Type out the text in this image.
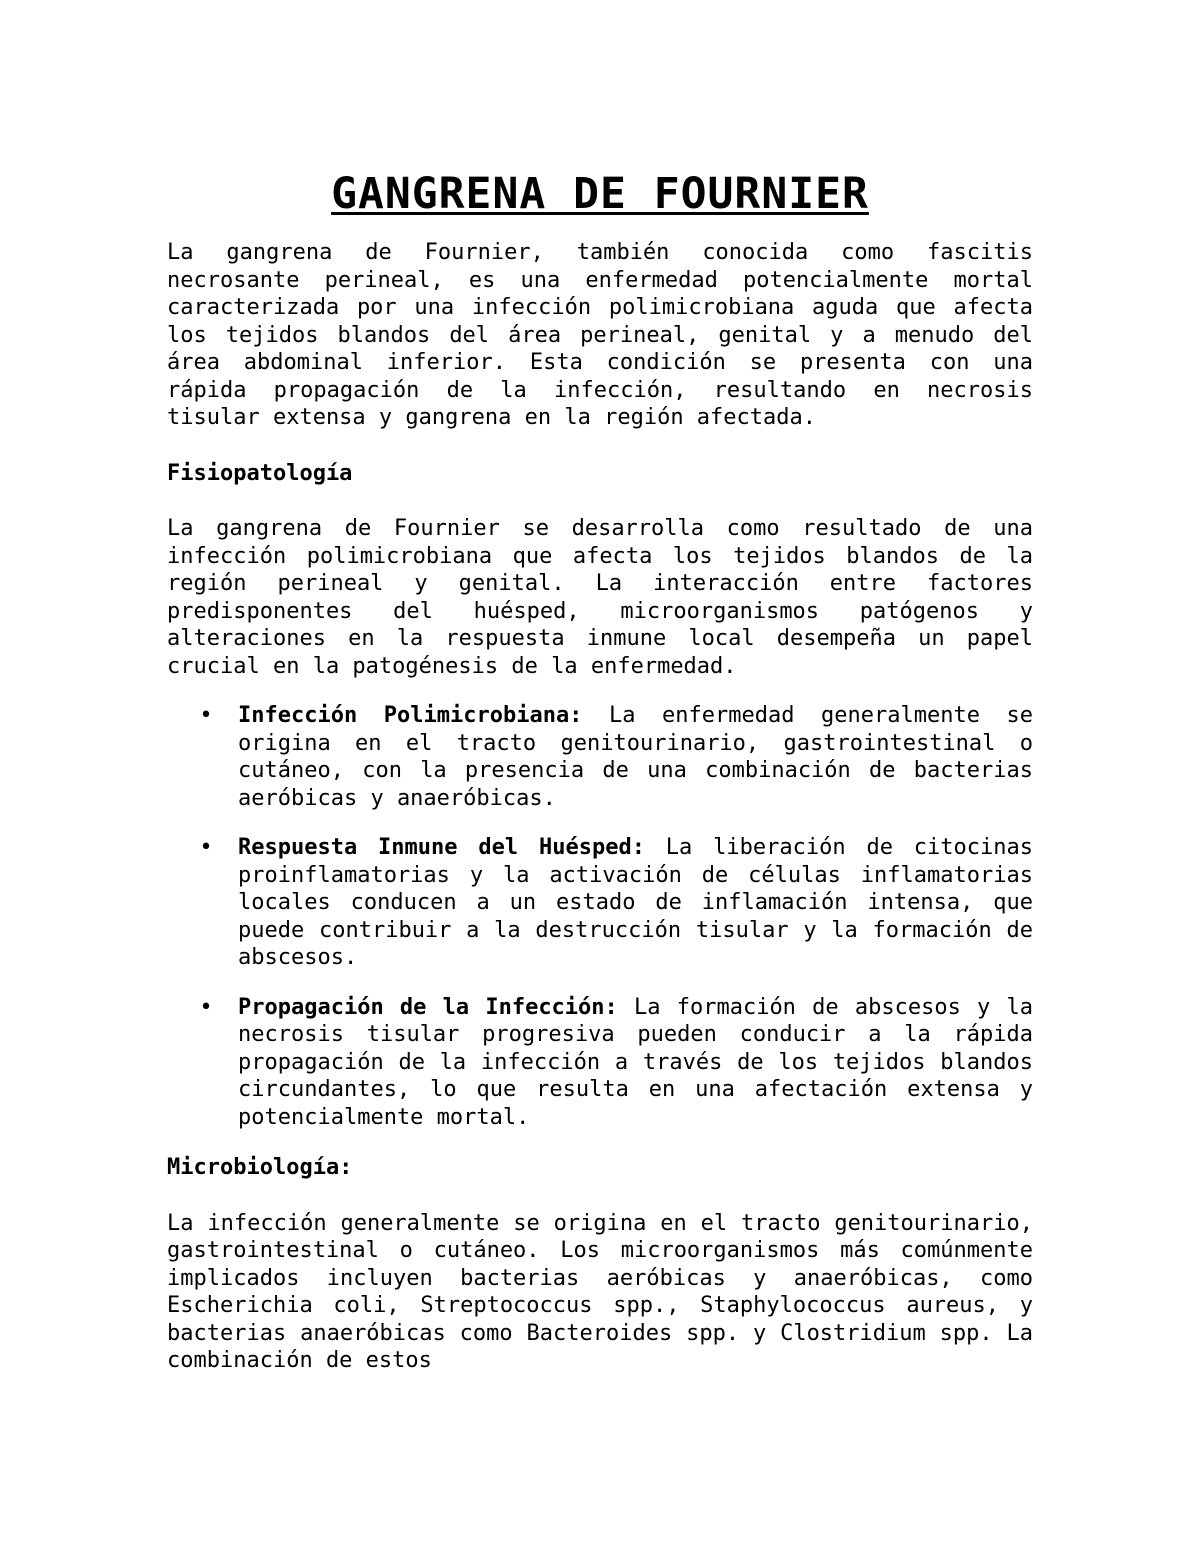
GANGRENA DE FOURNIER

La gangrena de Fournier, también conocida como fascitis necrosante perineal, es una enfermedad potencialmente mortal caracterizada por una infección polimicrobiana aguda que afecta los tejidos blandos del área perineal, genital y a menudo del área abdominal inferior. Esta condición se presenta con una rápida propagación de la infección, resultando en necrosis tisular extensa y gangrena en la región afectada.

Fisiopatología

La gangrena de Fournier se desarrolla como resultado de una infección polimicrobiana que afecta los tejidos blandos de la región perineal y genital. La interacción entre factores predisponentes del huésped, microorganismos patógenos y alteraciones en la respuesta inmune local desempeña un papel crucial en la patogénesis de la enfermedad.

• Infección Polimicrobiana: La enfermedad generalmente se origina en el tracto genitourinario, gastrointestinal o cutáneo, con la presencia de una combinación de bacterias aeróbicas y anaeróbicas.
• Respuesta Inmune del Huésped: La liberación de citocinas proinflamatorias y la activación de células inflamatorias locales conducen a un estado de inflamación intensa, que puede contribuir a la destrucción tisular y la formación de abscesos.
• Propagación de la Infección: La formación de abscesos y la necrosis tisular progresiva pueden conducir a la rápida propagación de la infección a través de los tejidos blandos circundantes, lo que resulta en una afectación extensa y potencialmente mortal.
Microbiología:

La infección generalmente se origina en el tracto genitourinario, gastrointestinal o cutáneo. Los microorganismos más comúnmente implicados incluyen bacterias aeróbicas y anaeróbicas, como Escherichia coli, Streptococcus spp., Staphylococcus aureus, y bacterias anaeróbicas como Bacteroides spp. y Clostridium spp. La combinación de estos
